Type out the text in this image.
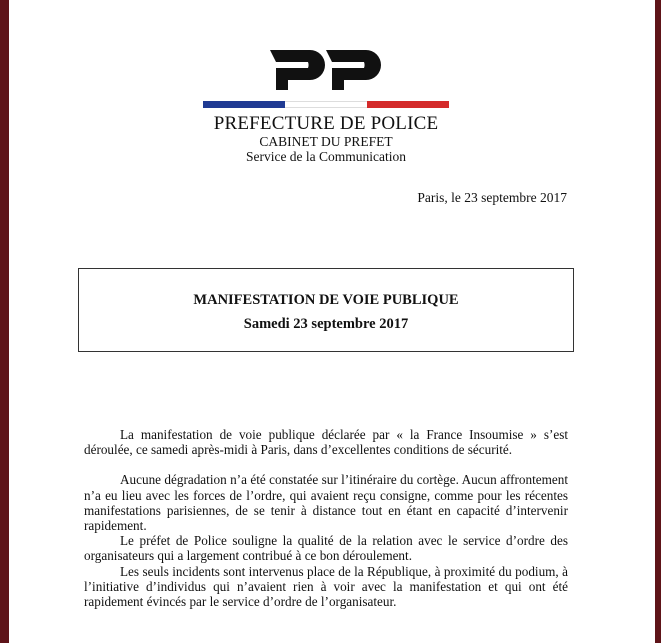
PREFECTURE DE POLICE
CABINET DU PREFET
Service de la Communication
Paris, le 23 septembre 2017
MANIFESTATION DE VOIE PUBLIQUE
Samedi 23 septembre 2017

La manifestation de voie publique déclarée par « la France Insoumise » s’est déroulée, ce samedi après-midi à Paris, dans d’excellentes conditions de sécurité.

Aucune dégradation n’a été constatée sur l’itinéraire du cortège. Aucun affrontement n’a eu lieu avec les forces de l’ordre, qui avaient reçu consigne, comme pour les récentes manifestations parisiennes, de se tenir à distance tout en étant en capacité d’intervenir rapidement.

Le préfet de Police souligne la qualité de la relation avec le service d’ordre des organisateurs qui a largement contribué à ce bon déroulement.

Les seuls incidents sont intervenus place de la République, à proximité du podium, à l’initiative d’individus qui n’avaient rien à voir avec la manifestation et qui ont été rapidement évincés par le service d’ordre de l’organisateur.
